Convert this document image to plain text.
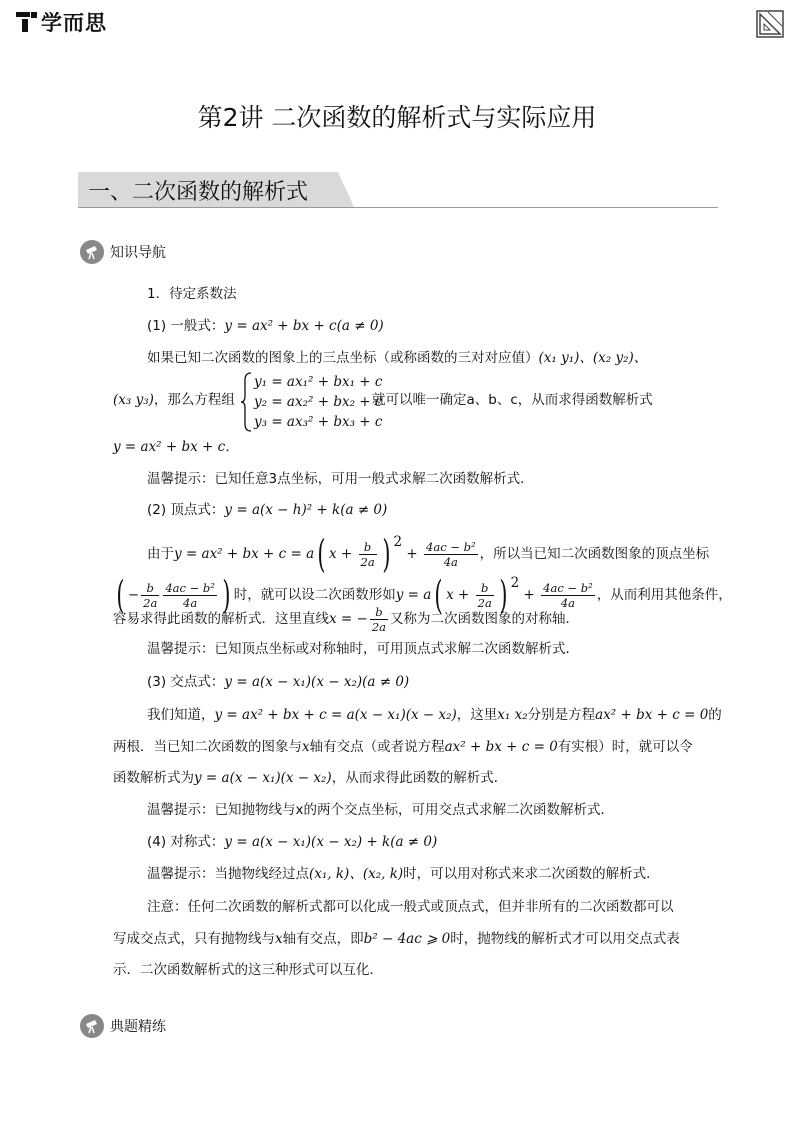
学而思
第2讲 二次函数的解析式与实际应用
一、二次函数的解析式
知识导航
1．待定系数法
(1) 一般式：y = ax² + bx + c(a ≠ 0)
如果已知二次函数的图象上的三点坐标（或称函数的三对对应值）(x₁ y₁)、(x₂ y₂)、
(x₃ y₃)，那么方程组
y₁ = ax₁² + bx₁ + c
y₂ = ax₂² + bx₂ + c
y₃ = ax₃² + bx₃ + c
就可以唯一确定a、b、c，从而求得函数解析式
y = ax² + bx + c．
温馨提示：已知任意3点坐标，可用一般式求解二次函数解析式．
(2) 顶点式：y = a(x − h)² + k(a ≠ 0)
由于y = ax² + bx + c = a( $x + \frac{b}{2a}$ ) $^2 + \frac{\text{4ac − b²}}{4a}$ ，所以当已知二次函数图象的顶点坐标
( − $\frac{b}{2a} \frac{\text{4ac − b²}}{4a}$ ) 时，就可以设二次函数形如y = a( $x + \frac{b}{2a}$ ) $^2 + \frac{\text{4ac − b²}}{4a}$ ，从而利用其他条件，
容易求得此函数的解析式．这里直线x = − $\frac{b}{2a}$ 又称为二次函数图象的对称轴．
温馨提示：已知顶点坐标或对称轴时，可用顶点式求解二次函数解析式．
(3) 交点式：y = a(x − x₁)(x − x₂)(a ≠ 0)
我们知道，y = ax² + bx + c = a(x − x₁)(x − x₂)，这里x₁ x₂分别是方程ax² + bx + c = 0的
两根．当已知二次函数的图象与x轴有交点（或者说方程ax² + bx + c = 0有实根）时，就可以令
函数解析式为y = a(x − x₁)(x − x₂)，从而求得此函数的解析式．
温馨提示：已知抛物线与x的两个交点坐标，可用交点式求解二次函数解析式．
(4) 对称式：y = a(x − x₁)(x − x₂) + k(a ≠ 0)
温馨提示：当抛物线经过点(x₁, k)、(x₂, k)时，可以用对称式来求二次函数的解析式．
注意：任何二次函数的解析式都可以化成一般式或顶点式，但并非所有的二次函数都可以
写成交点式，只有抛物线与x轴有交点，即b² − 4ac ⩾ 0时，抛物线的解析式才可以用交点式表
示．二次函数解析式的这三种形式可以互化．
典题精练
